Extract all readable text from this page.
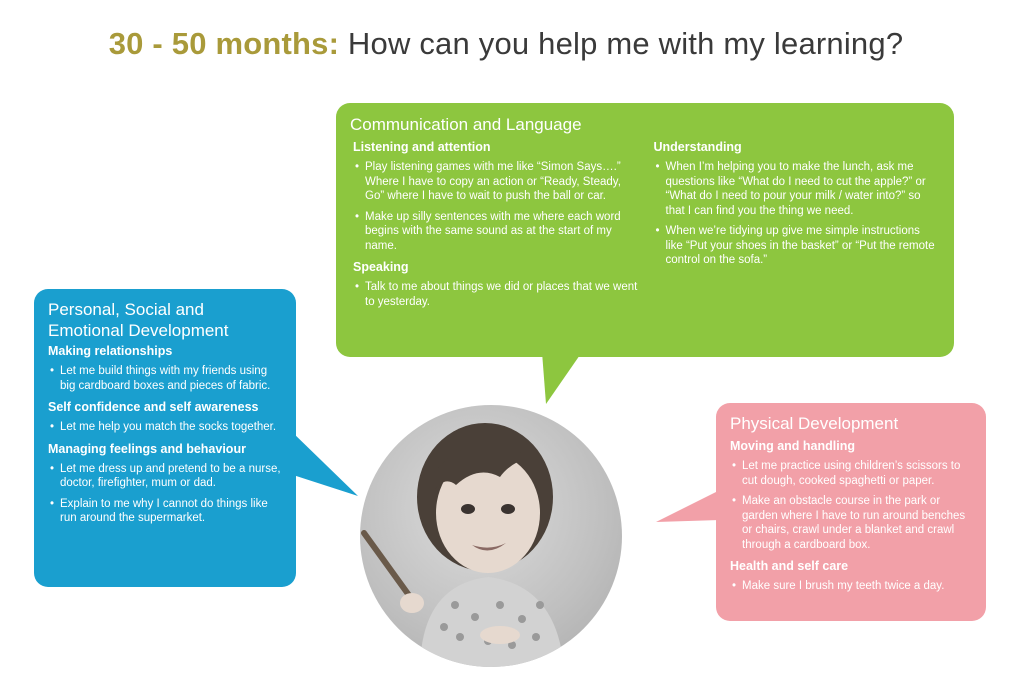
30 - 50 months: How can you help me with my learning?
Communication and Language
Listening and attention
• Play listening games with me like “Simon Says….” Where I have to copy an action or “Ready, Steady, Go” where I have to wait to push the ball or car.
• Make up silly sentences with me where each word begins with the same sound as at the start of my name.
Speaking
• Talk to me about things we did or places that we went to yesterday.
Understanding
• When I’m helping you to make the lunch, ask me questions like “What do I need to cut the apple?” or “What do I need to pour your milk / water into?” so that I can find you the thing we need.
• When we’re tidying up give me simple instructions like “Put your shoes in the basket” or “Put the remote control on the sofa.”
Personal, Social and
Emotional Development
Making relationships
• Let me build things with my friends using big cardboard boxes and pieces of fabric.
Self confidence and self awareness
• Let me help you match the socks together.
Managing feelings and behaviour
• Let me dress up and pretend to be a nurse, doctor, firefighter, mum or dad.
• Explain to me why I cannot do things like run around the supermarket.
Physical Development
Moving and handling
• Let me practice using children’s scissors to cut dough, cooked spaghetti or paper.
• Make an obstacle course in the park or garden where I have to run around benches or chairs, crawl under a blanket and crawl through a cardboard box.
Health and self care
• Make sure I brush my teeth twice a day.
